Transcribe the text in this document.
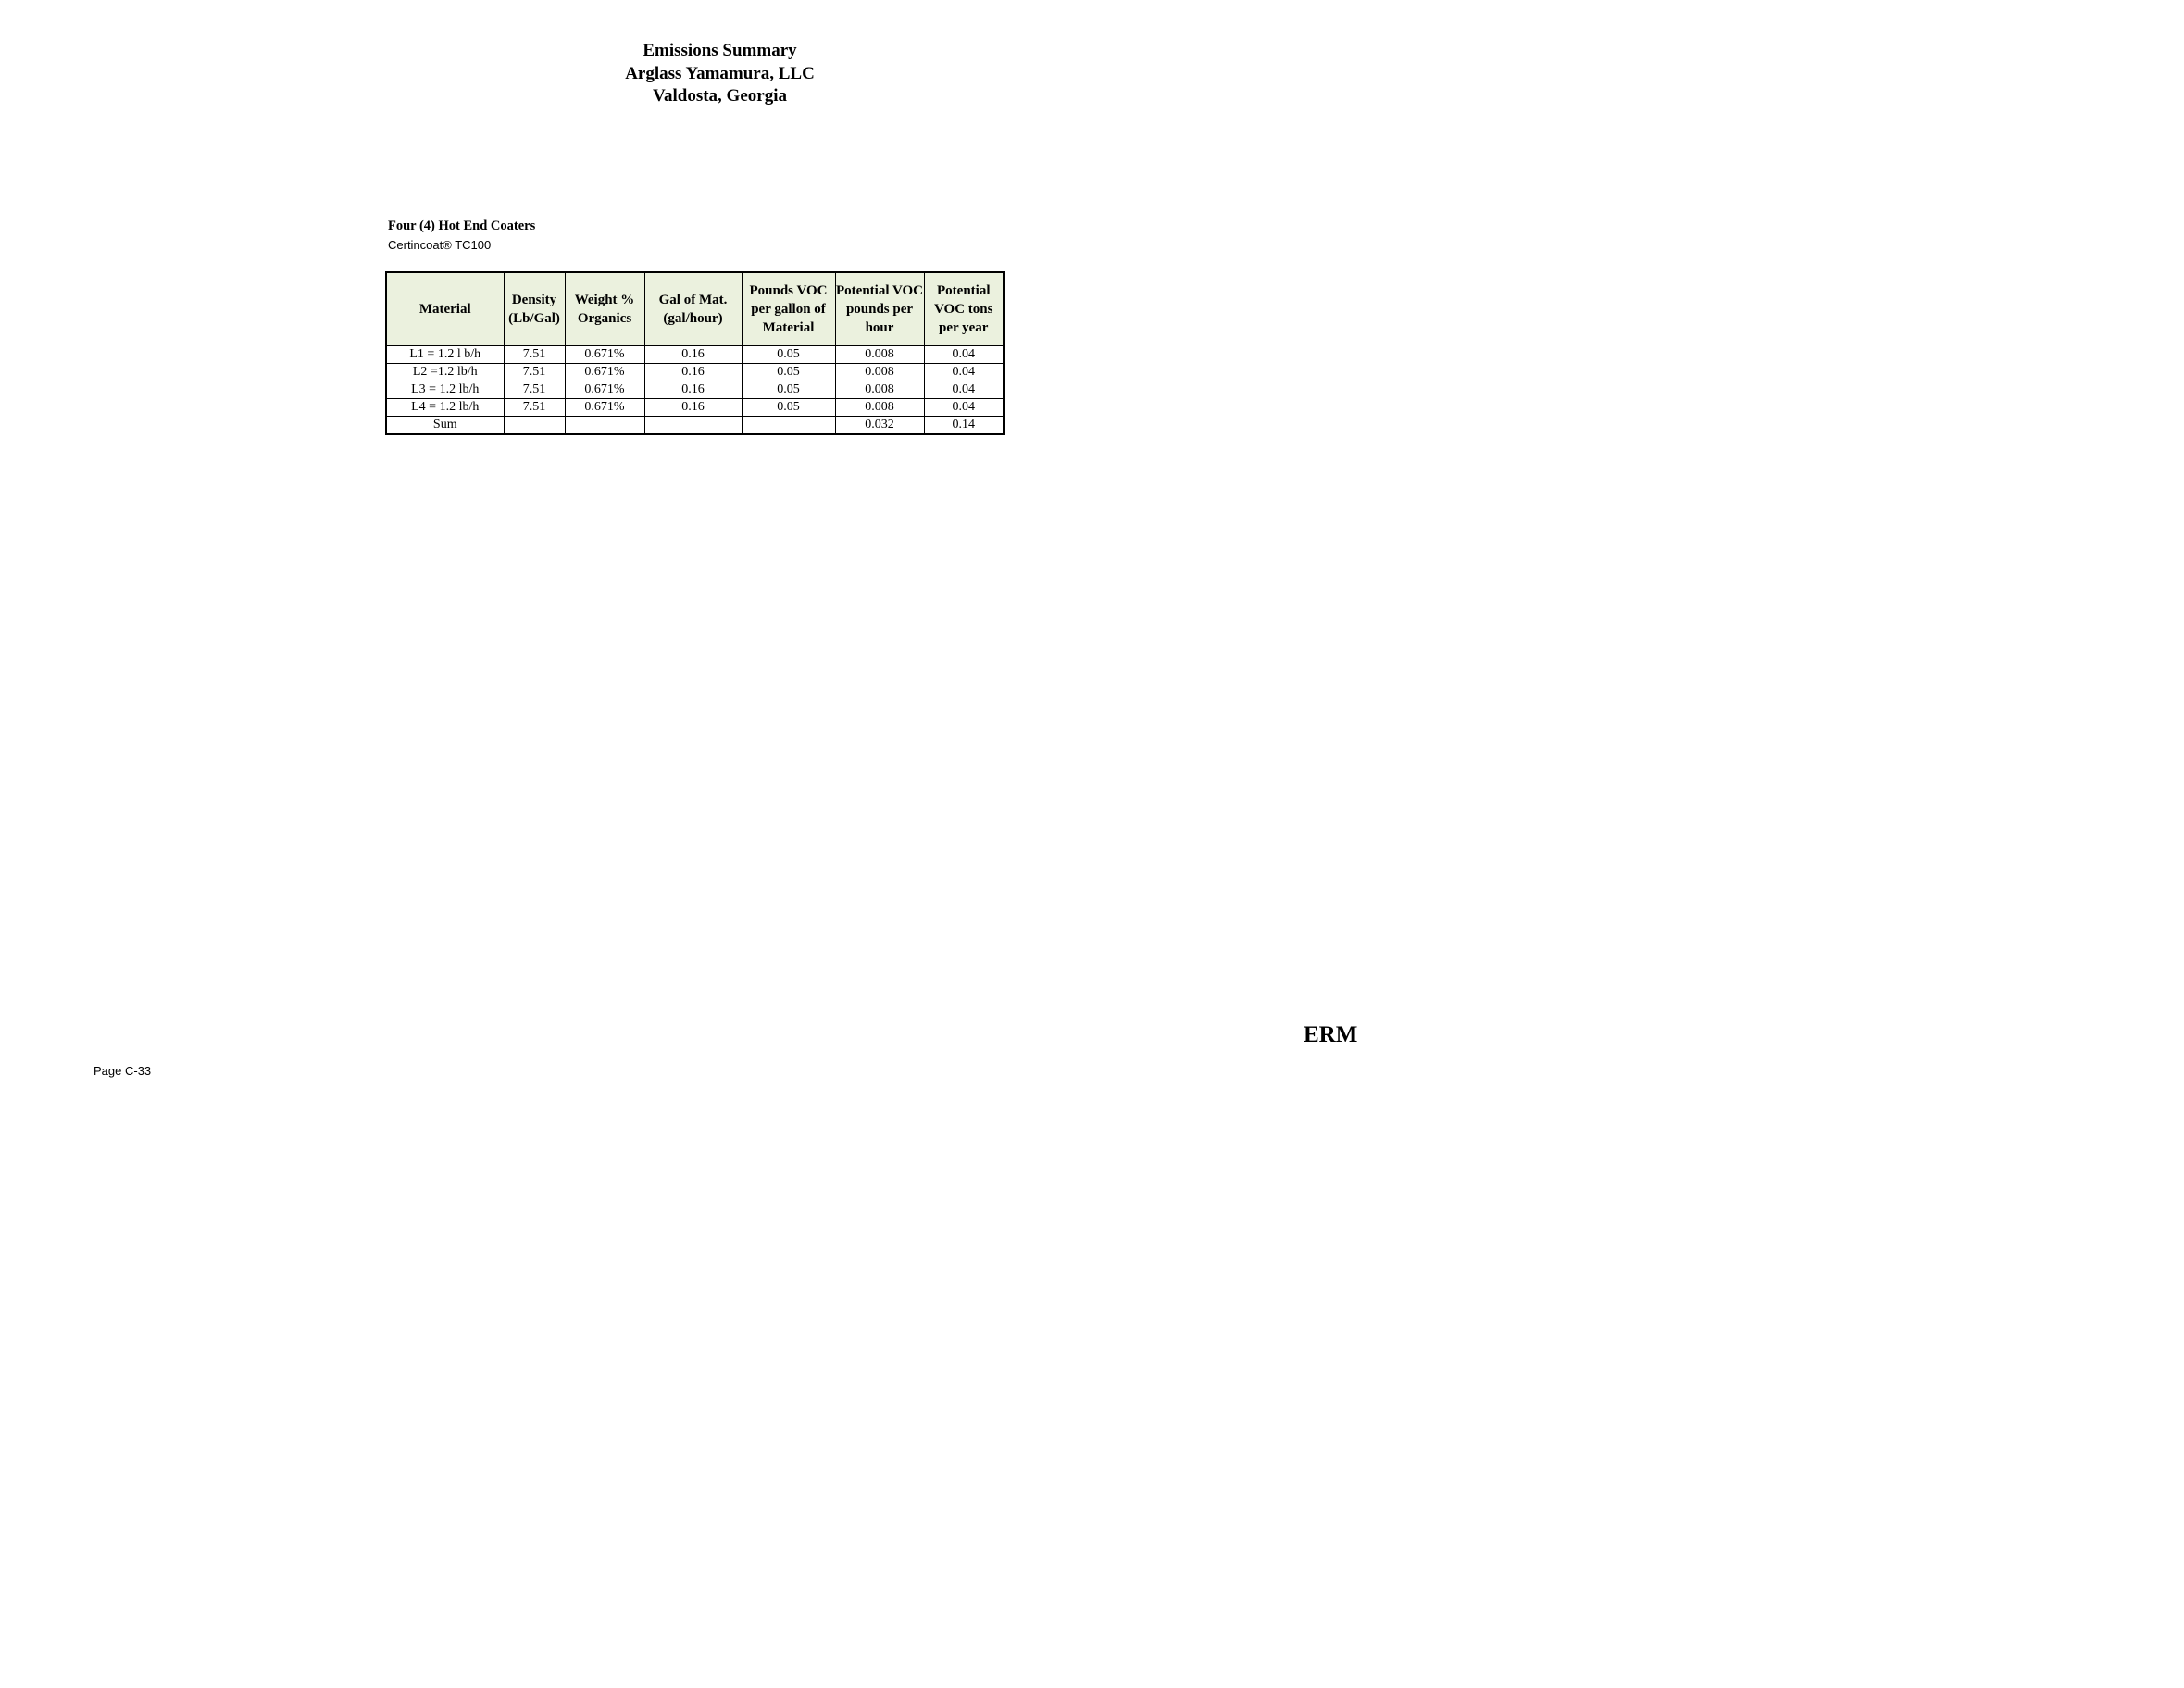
Emissions Summary
Arglass Yamamura, LLC
Valdosta, Georgia
Four (4) Hot End Coaters
Certincoat® TC100
Material	Density (Lb/Gal)	Weight % Organics	Gal of Mat. (gal/hour)	Pounds VOC per gallon of Material	Potential VOC pounds per hour	Potential VOC tons per year
L1 = 1.2 l b/h	7.51	0.671%	0.16	0.05	0.008	0.04
L2 =1.2 lb/h	7.51	0.671%	0.16	0.05	0.008	0.04
L3 = 1.2 lb/h	7.51	0.671%	0.16	0.05	0.008	0.04
L4 = 1.2 lb/h	7.51	0.671%	0.16	0.05	0.008	0.04
Sum					0.032	0.14
Page C-33
ERM
